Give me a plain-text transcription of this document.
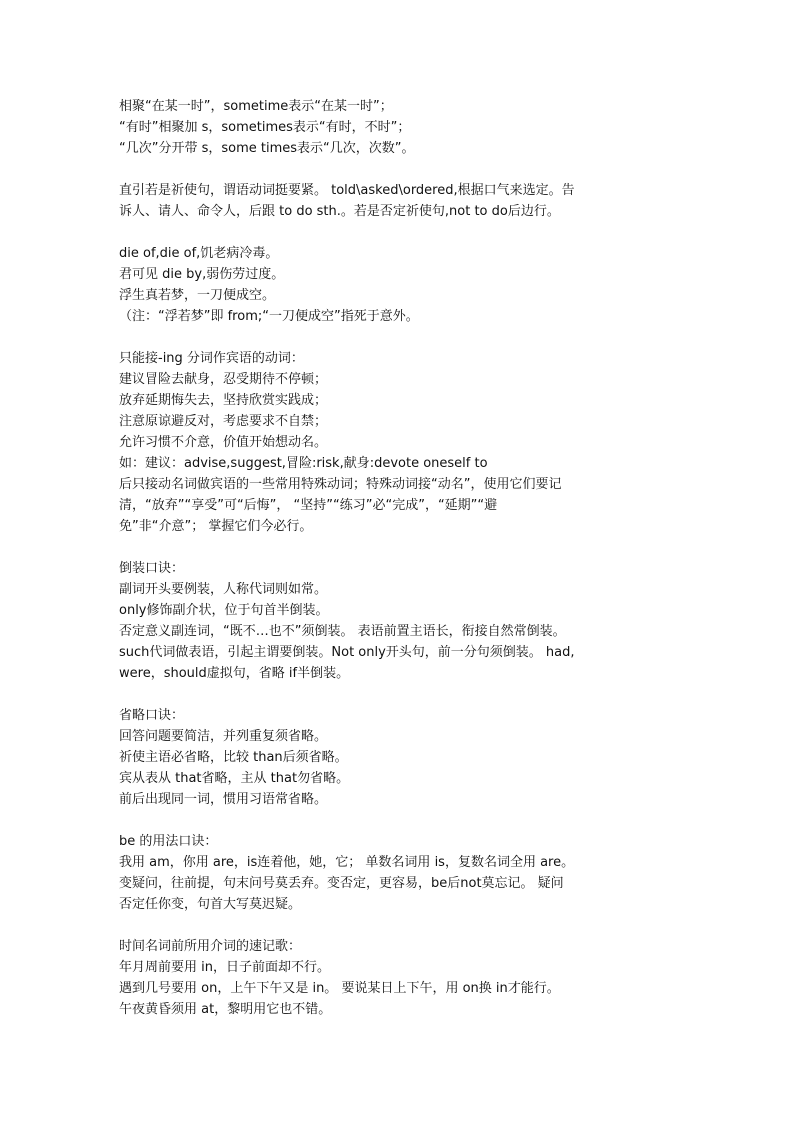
相聚“在某一时”，sometime表示“在某一时”；
“有时”相聚加 s，sometimes表示“有时，不时”；
“几次”分开带 s，some times表示“几次，次数”。
直引若是祈使句，谓语动词挺要紧。 told\asked\ordered,根据口气来选定。告
诉人、请人、命令人，后跟 to do sth.。若是否定祈使句,not to do后边行。
die of,die of,饥老病冷毒。
君可见 die by,弱伤劳过度。
浮生真若梦，一刀便成空。
（注：“浮若梦”即 from;“一刀便成空”指死于意外。
只能接-ing 分词作宾语的动词：
建议冒险去献身，忍受期待不停顿；
放弃延期悔失去，坚持欣赏实践成；
注意原谅避反对，考虑要求不自禁；
允许习惯不介意，价值开始想动名。
如：建议：advise,suggest,冒险:risk,献身:devote oneself to
后只接动名词做宾语的一些常用特殊动词；特殊动词接“动名”，使用它们要记
清，“放弃”“享受”可“后悔”， “坚持”“练习”必“完成”，“延期”“避
免”非“介意”； 掌握它们今必行。
倒装口诀：
副词开头要例装，人称代词则如常。
only修饰副介状，位于句首半倒装。
否定意义副连词，“既不…也不”须倒装。 表语前置主语长，衔接自然常倒装。
such代词做表语，引起主谓要倒装。Not only开头句，前一分句须倒装。 had,
were，should虚拟句，省略 if半倒装。
省略口诀：
回答问题要简洁，并列重复须省略。
祈使主语必省略，比较 than后须省略。
宾从表从 that省略，主从 that勿省略。
前后出现同一词，惯用习语常省略。
be 的用法口诀：
我用 am，你用 are，is连着他，她，它； 单数名词用 is，复数名词全用 are。
变疑问，往前提，句末问号莫丢弃。变否定，更容易，be后not莫忘记。 疑问
否定任你变，句首大写莫迟疑。
时间名词前所用介词的速记歌：
年月周前要用 in，日子前面却不行。
遇到几号要用 on，上午下午又是 in。 要说某日上下午，用 on换 in才能行。
午夜黄昏须用 at，黎明用它也不错。
